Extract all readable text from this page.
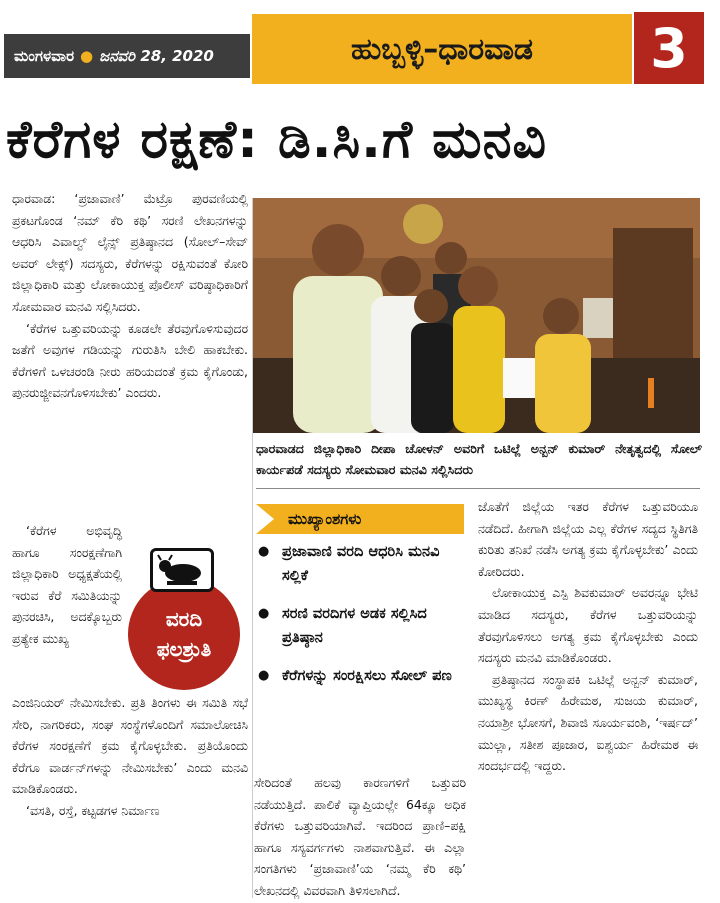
ಮಂಗಳವಾರ ● ಜನವರಿ 28, 2020	ಹುಬ್ಬಳ್ಳಿ–ಧಾರವಾಡ	3
ಕೆರೆಗಳ ರಕ್ಷಣೆ: ಡಿ.ಸಿ.ಗೆ ಮನವಿ

ಧಾರವಾಡ: ‘ಪ್ರಜಾವಾಣಿ’ ಮೆಟ್ರೊ ಪುರವಣಿಯಲ್ಲಿ ಪ್ರಕಟಗೊಂಡ ‘ನಮ್ ಕೆರಿ ಕಥಿ’ ಸರಣಿ ಲೇಖನಗಳನ್ನು ಆಧರಿಸಿ ಎವಾಲ್ವ್ ಲೈನ್ಸ್ ಪ್ರತಿಷ್ಠಾನದ (ಸೋಲ್–ಸೇವ್ ಅವರ್ ಲೇಕ್ಸ್) ಸದಸ್ಯರು, ಕೆರೆಗಳನ್ನು ರಕ್ಷಿಸುವಂತೆ ಕೋರಿ ಜಿಲ್ಲಾಧಿಕಾರಿ ಮತ್ತು ಲೋಕಾಯುಕ್ತ ಪೊಲೀಸ್ ವರಿಷ್ಠಾಧಿಕಾರಿಗೆ ಸೋಮವಾರ ಮನವಿ ಸಲ್ಲಿಸಿದರು.

‘ಕೆರೆಗಳ ಒತ್ತುವರಿಯನ್ನು ಕೂಡಲೇ ತೆರವುಗೊಳಿಸುವುದರ ಜತೆಗೆ ಅವುಗಳ ಗಡಿಯನ್ನು ಗುರುತಿಸಿ ಬೇಲಿ ಹಾಕಬೇಕು. ಕೆರೆಗಳಿಗೆ ಒಳಚರಂಡಿ ನೀರು ಹರಿಯದಂತೆ ಕ್ರಮ ಕೈಗೊಂಡು, ಪುನರುಜ್ಜೀವನಗೊಳಿಸಬೇಕು’ ಎಂದರು.

‘ಕೆರೆಗಳ ಅಭಿವೃದ್ಧಿ ಹಾಗೂ ಸಂರಕ್ಷಣೆಗಾಗಿ ಜಿಲ್ಲಾಧಿಕಾರಿ ಅಧ್ಯಕ್ಷತೆಯಲ್ಲಿ ಇರುವ ಕೆರೆ ಸಮಿತಿಯನ್ನು ಪುನರಚಿಸಿ, ಅದಕ್ಕೊಬ್ಬರು ಪ್ರತ್ಯೇಕ ಮುಖ್ಯ

ಎಂಜಿನಿಯರ್ ನೇಮಿಸಬೇಕು. ಪ್ರತಿ ತಿಂಗಳು ಈ ಸಮಿತಿ ಸಭೆ ಸೇರಿ, ನಾಗರಿಕರು, ಸಂಘ ಸಂಸ್ಥೆಗಳೊಂದಿಗೆ ಸಮಾಲೋಚಿಸಿ ಕೆರೆಗಳ ಸಂರಕ್ಷಣೆಗೆ ಕ್ರಮ ಕೈಗೊಳ್ಳಬೇಕು. ಪ್ರತಿಯೊಂದು ಕೆರೆಗೂ ವಾರ್ಡನ್‌ಗಳನ್ನು ನೇಮಿಸಬೇಕು’ ಎಂದು ಮನವಿ ಮಾಡಿಕೊಂಡರು.

‘ವಸತಿ, ರಸ್ತೆ, ಕಟ್ಟಡಗಳ ನಿರ್ಮಾಣ

ವರದಿ
ಫಲಶ್ರುತಿ
ಧಾರವಾಡದ ಜಿಲ್ಲಾಧಿಕಾರಿ ದೀಪಾ ಚೋಳನ್ ಅವರಿಗೆ ಒಟಿಲ್ಲೆ ಅನ್ಬನ್ ಕುಮಾರ್ ನೇತೃತ್ವದಲ್ಲಿ ಸೋಲ್ ಕಾರ್ಯಪಡೆ ಸದಸ್ಯರು ಸೋಮವಾರ ಮನವಿ ಸಲ್ಲಿಸಿದರು
ಮುಖ್ಯಾಂಶಗಳು
● ಪ್ರಜಾವಾಣಿ ವರದಿ ಆಧರಿಸಿ ಮನವಿ ಸಲ್ಲಿಕೆ
● ಸರಣಿ ವರದಿಗಳ ಅಡಕ ಸಲ್ಲಿಸಿದ ಪ್ರತಿಷ್ಠಾನ
● ಕೆರೆಗಳನ್ನು ಸಂರಕ್ಷಿಸಲು ಸೋಲ್ ಪಣ

ಸೇರಿದಂತೆ ಹಲವು ಕಾರಣಗಳಿಗೆ ಒತ್ತುವರಿ ನಡೆಯುತ್ತಿದೆ. ಪಾಲಿಕೆ ವ್ಯಾಪ್ತಿಯಲ್ಲೇ 64ಕ್ಕೂ ಅಧಿಕ ಕೆರೆಗಳು ಒತ್ತುವರಿಯಾಗಿವೆ. ಇದರಿಂದ ಪ್ರಾಣಿ–ಪಕ್ಷಿ ಹಾಗೂ ಸಸ್ಯವರ್ಗಗಳು ನಾಶವಾಗುತ್ತಿವೆ. ಈ ಎಲ್ಲಾ ಸಂಗತಿಗಳು ‘ಪ್ರಜಾವಾಣಿ’ಯ ‘ನಮ್ಮ ಕೆರಿ ಕಥಿ’ ಲೇಖನದಲ್ಲಿ ವಿವರವಾಗಿ ತಿಳಿಸಲಾಗಿದೆ.

ಜೊತೆಗೆ ಜಿಲ್ಲೆಯ ಇತರ ಕೆರೆಗಳ ಒತ್ತುವರಿಯೂ ನಡೆದಿದೆ. ಹೀಗಾಗಿ ಜಿಲ್ಲೆಯ ಎಲ್ಲ ಕೆರೆಗಳ ಸದ್ಯದ ಸ್ಥಿತಿಗತಿ ಕುರಿತು ತನಿಖೆ ನಡೆಸಿ ಅಗತ್ಯ ಕ್ರಮ ಕೈಗೊಳ್ಳಬೇಕು’ ಎಂದು ಕೋರಿದರು.

ಲೋಕಾಯುಕ್ತ ಎಸ್ಪಿ ಶಿವಕುಮಾರ್ ಅವರನ್ನೂ ಭೇಟಿ ಮಾಡಿದ ಸದಸ್ಯರು, ಕೆರೆಗಳ ಒತ್ತುವರಿಯನ್ನು ತೆರವುಗೊಳಿಸಲು ಅಗತ್ಯ ಕ್ರಮ ಕೈಗೊಳ್ಳಬೇಕು ಎಂದು ಸದಸ್ಯರು ಮನವಿ ಮಾಡಿಕೊಂಡರು.

ಪ್ರತಿಷ್ಠಾನದ ಸಂಸ್ಥಾಪಕಿ ಒಟಿಲ್ಲೆ ಅನ್ಬನ್ ಕುಮಾರ್, ಮುಖ್ಯಸ್ಥ ಕಿರಣ್ ಹಿರೇಮಠ, ಸುಜಯ ಕುಮಾರ್, ನಯಾಶ್ರೀ ಭೋಸಗೆ, ಶಿವಾಜಿ ಸೂರ್ಯವಂಶಿ, ‘ಇರ್ಷದ್’ ಮುಲ್ಲಾ, ಸತೀಶ ಪೂಜಾರ, ಐಶ್ವರ್ಯ ಹಿರೇಮಠ ಈ ಸಂದರ್ಭದಲ್ಲಿ ಇದ್ದರು.
